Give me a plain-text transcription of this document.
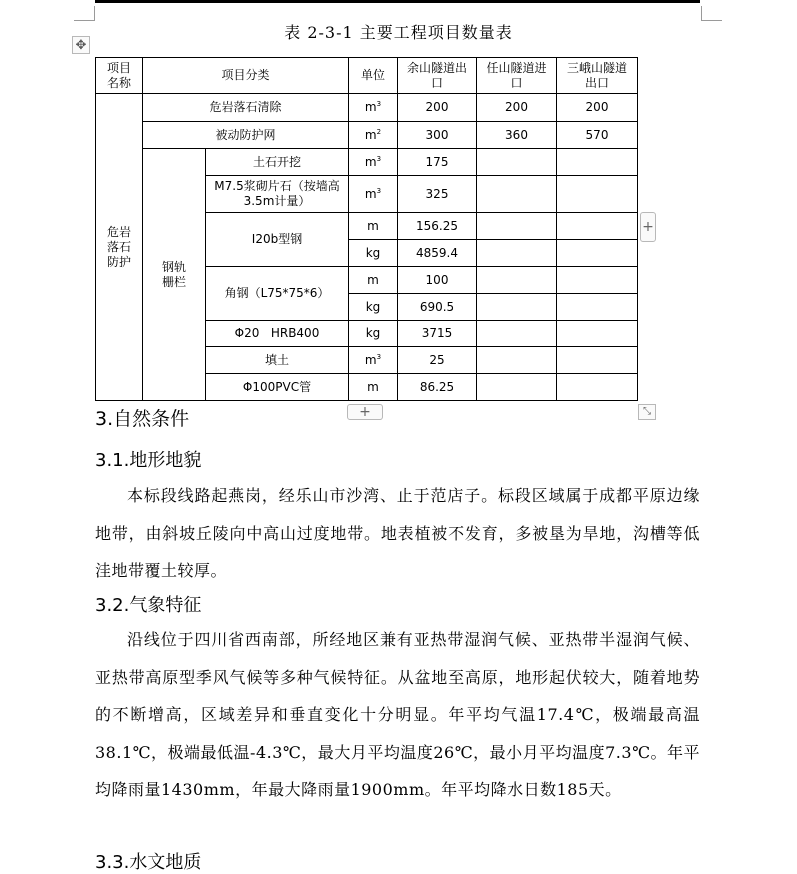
✥
表 2-3-1 主要工程项目数量表
项目名称	项目分类		单位	余山隧道出口	任山隧道进口	三峨山隧道出口
危岩落石防护	危岩落石清除		$m^3$	200	200	200
	被动防护网		$m^2$	300	360	570
	钢轨栅栏	土石开挖	$m^3$	175		
		M7.5浆砌片石（按墙高3.5m计量）	$m^3$	325		
		I20b型钢	m	156.25		
			kg	4859.4		
		角钢（L75*75*6）	m	100		
			kg	690.5		
		Φ20   HRB400	kg	3715		
		填土	$m^3$	25		
		Φ100PVC管	m	86.25		
+
+	⤡
3.自然条件
3.1.地形地貌
本标段线路起燕岗，经乐山市沙湾、止于范店子。标段区域属于成都平原边缘地带，由斜坡丘陵向中高山过度地带。地表植被不发育，多被垦为旱地，沟槽等低洼地带覆土较厚。
3.2.气象特征
沿线位于四川省西南部，所经地区兼有亚热带湿润气候、亚热带半湿润气候、亚热带高原型季风气候等多种气候特征。从盆地至高原，地形起伏较大，随着地势的不断增高，区域差异和垂直变化十分明显。年平均气温17.4℃，极端最高温38.1℃，极端最低温-4.3℃，最大月平均温度26℃，最小月平均温度7.3℃。年平均降雨量1430mm，年最大降雨量1900mm。年平均降水日数185天。
3.3.水文地质
